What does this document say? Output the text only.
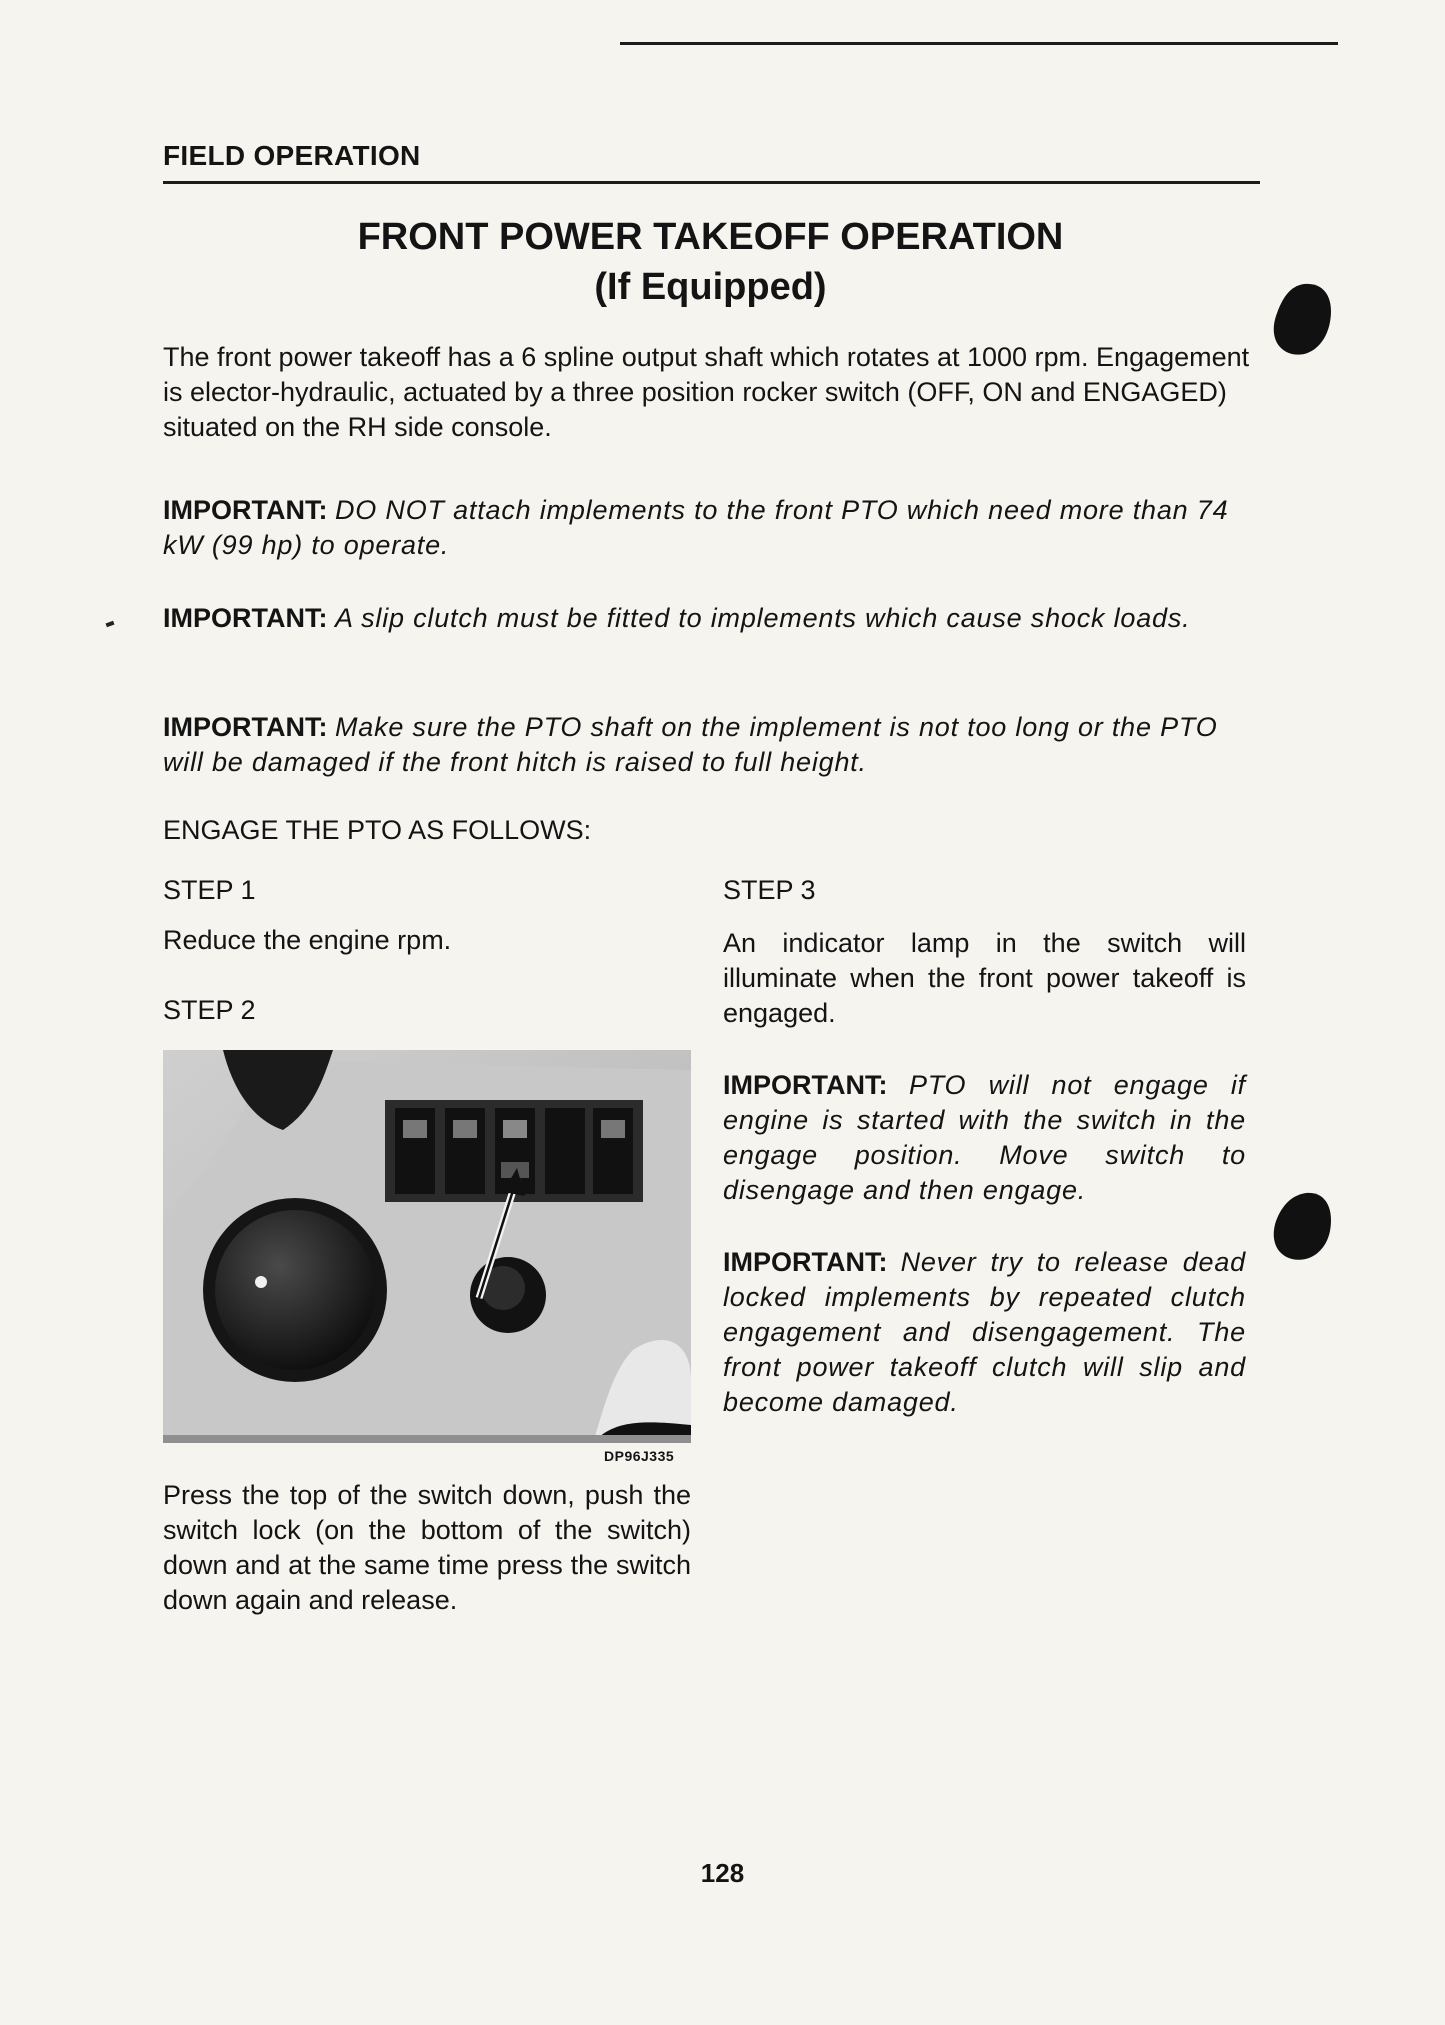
FIELD OPERATION
FRONT POWER TAKEOFF OPERATION
(If Equipped)

The front power takeoff has a 6 spline output shaft which rotates at 1000 rpm. Engagement is elector-hydraulic, actuated by a three position rocker switch (OFF, ON and ENGAGED) situated on the RH side console.

IMPORTANT: DO NOT attach implements to the front PTO which need more than 74 kW (99 hp) to operate.

IMPORTANT: A slip clutch must be fitted to implements which cause shock loads.

IMPORTANT: Make sure the PTO shaft on the implement is not too long or the PTO will be damaged if the front hitch is raised to full height.

ENGAGE THE PTO AS FOLLOWS:

STEP 1

Reduce the engine rpm.

STEP 2

DP96J335

Press the top of the switch down, push the switch lock (on the bottom of the switch) down and at the same time press the switch down again and release.

STEP 3

An indicator lamp in the switch will illuminate when the front power takeoff is engaged.

IMPORTANT: PTO will not engage if engine is started with the switch in the engage position. Move switch to disengage and then engage.

IMPORTANT: Never try to release dead locked implements by repeated clutch engagement and disengagement. The front power takeoff clutch will slip and become damaged.

128
